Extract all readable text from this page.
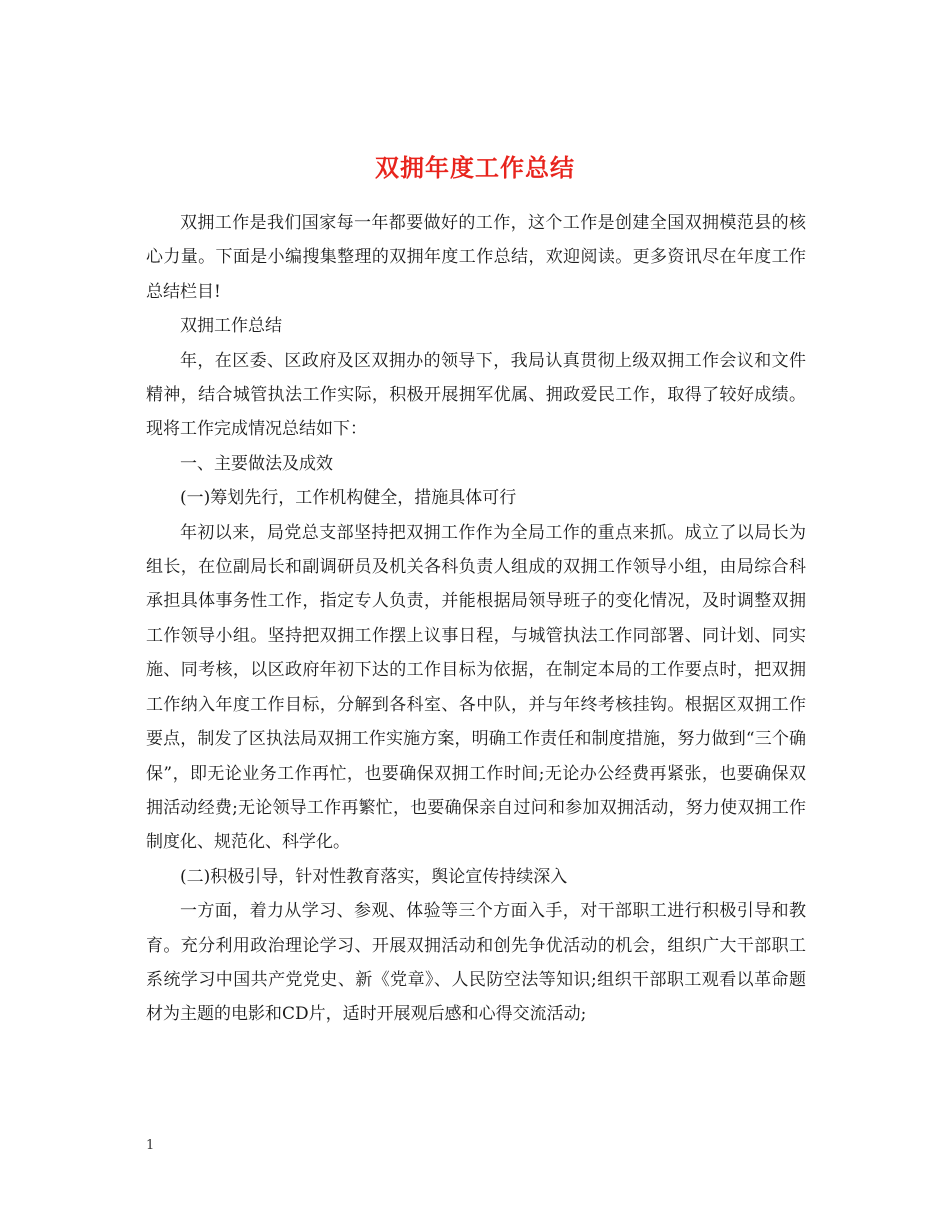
双拥年度工作总结

双拥工作是我们国家每一年都要做好的工作，这个工作是创建全国双拥模范县的核心力量。下面是小编搜集整理的双拥年度工作总结，欢迎阅读。更多资讯尽在年度工作总结栏目!

双拥工作总结

年，在区委、区政府及区双拥办的领导下，我局认真贯彻上级双拥工作会议和文件精神，结合城管执法工作实际，积极开展拥军优属、拥政爱民工作，取得了较好成绩。现将工作完成情况总结如下：

一、主要做法及成效

(一)筹划先行，工作机构健全，措施具体可行

年初以来，局党总支部坚持把双拥工作作为全局工作的重点来抓。成立了以局长为组长，在位副局长和副调研员及机关各科负责人组成的双拥工作领导小组，由局综合科承担具体事务性工作，指定专人负责，并能根据局领导班子的变化情况，及时调整双拥工作领导小组。坚持把双拥工作摆上议事日程，与城管执法工作同部署、同计划、同实施、同考核，以区政府年初下达的工作目标为依据，在制定本局的工作要点时，把双拥工作纳入年度工作目标，分解到各科室、各中队，并与年终考核挂钩。根据区双拥工作要点，制发了区执法局双拥工作实施方案，明确工作责任和制度措施，努力做到“三个确保”，即无论业务工作再忙，也要确保双拥工作时间;无论办公经费再紧张，也要确保双拥活动经费;无论领导工作再繁忙，也要确保亲自过问和参加双拥活动，努力使双拥工作制度化、规范化、科学化。

(二)积极引导，针对性教育落实，舆论宣传持续深入

一方面，着力从学习、参观、体验等三个方面入手，对干部职工进行积极引导和教育。充分利用政治理论学习、开展双拥活动和创先争优活动的机会，组织广大干部职工系统学习中国共产党党史、新《党章》、人民防空法等知识;组织干部职工观看以革命题材为主题的电影和CD片，适时开展观后感和心得交流活动;

1
